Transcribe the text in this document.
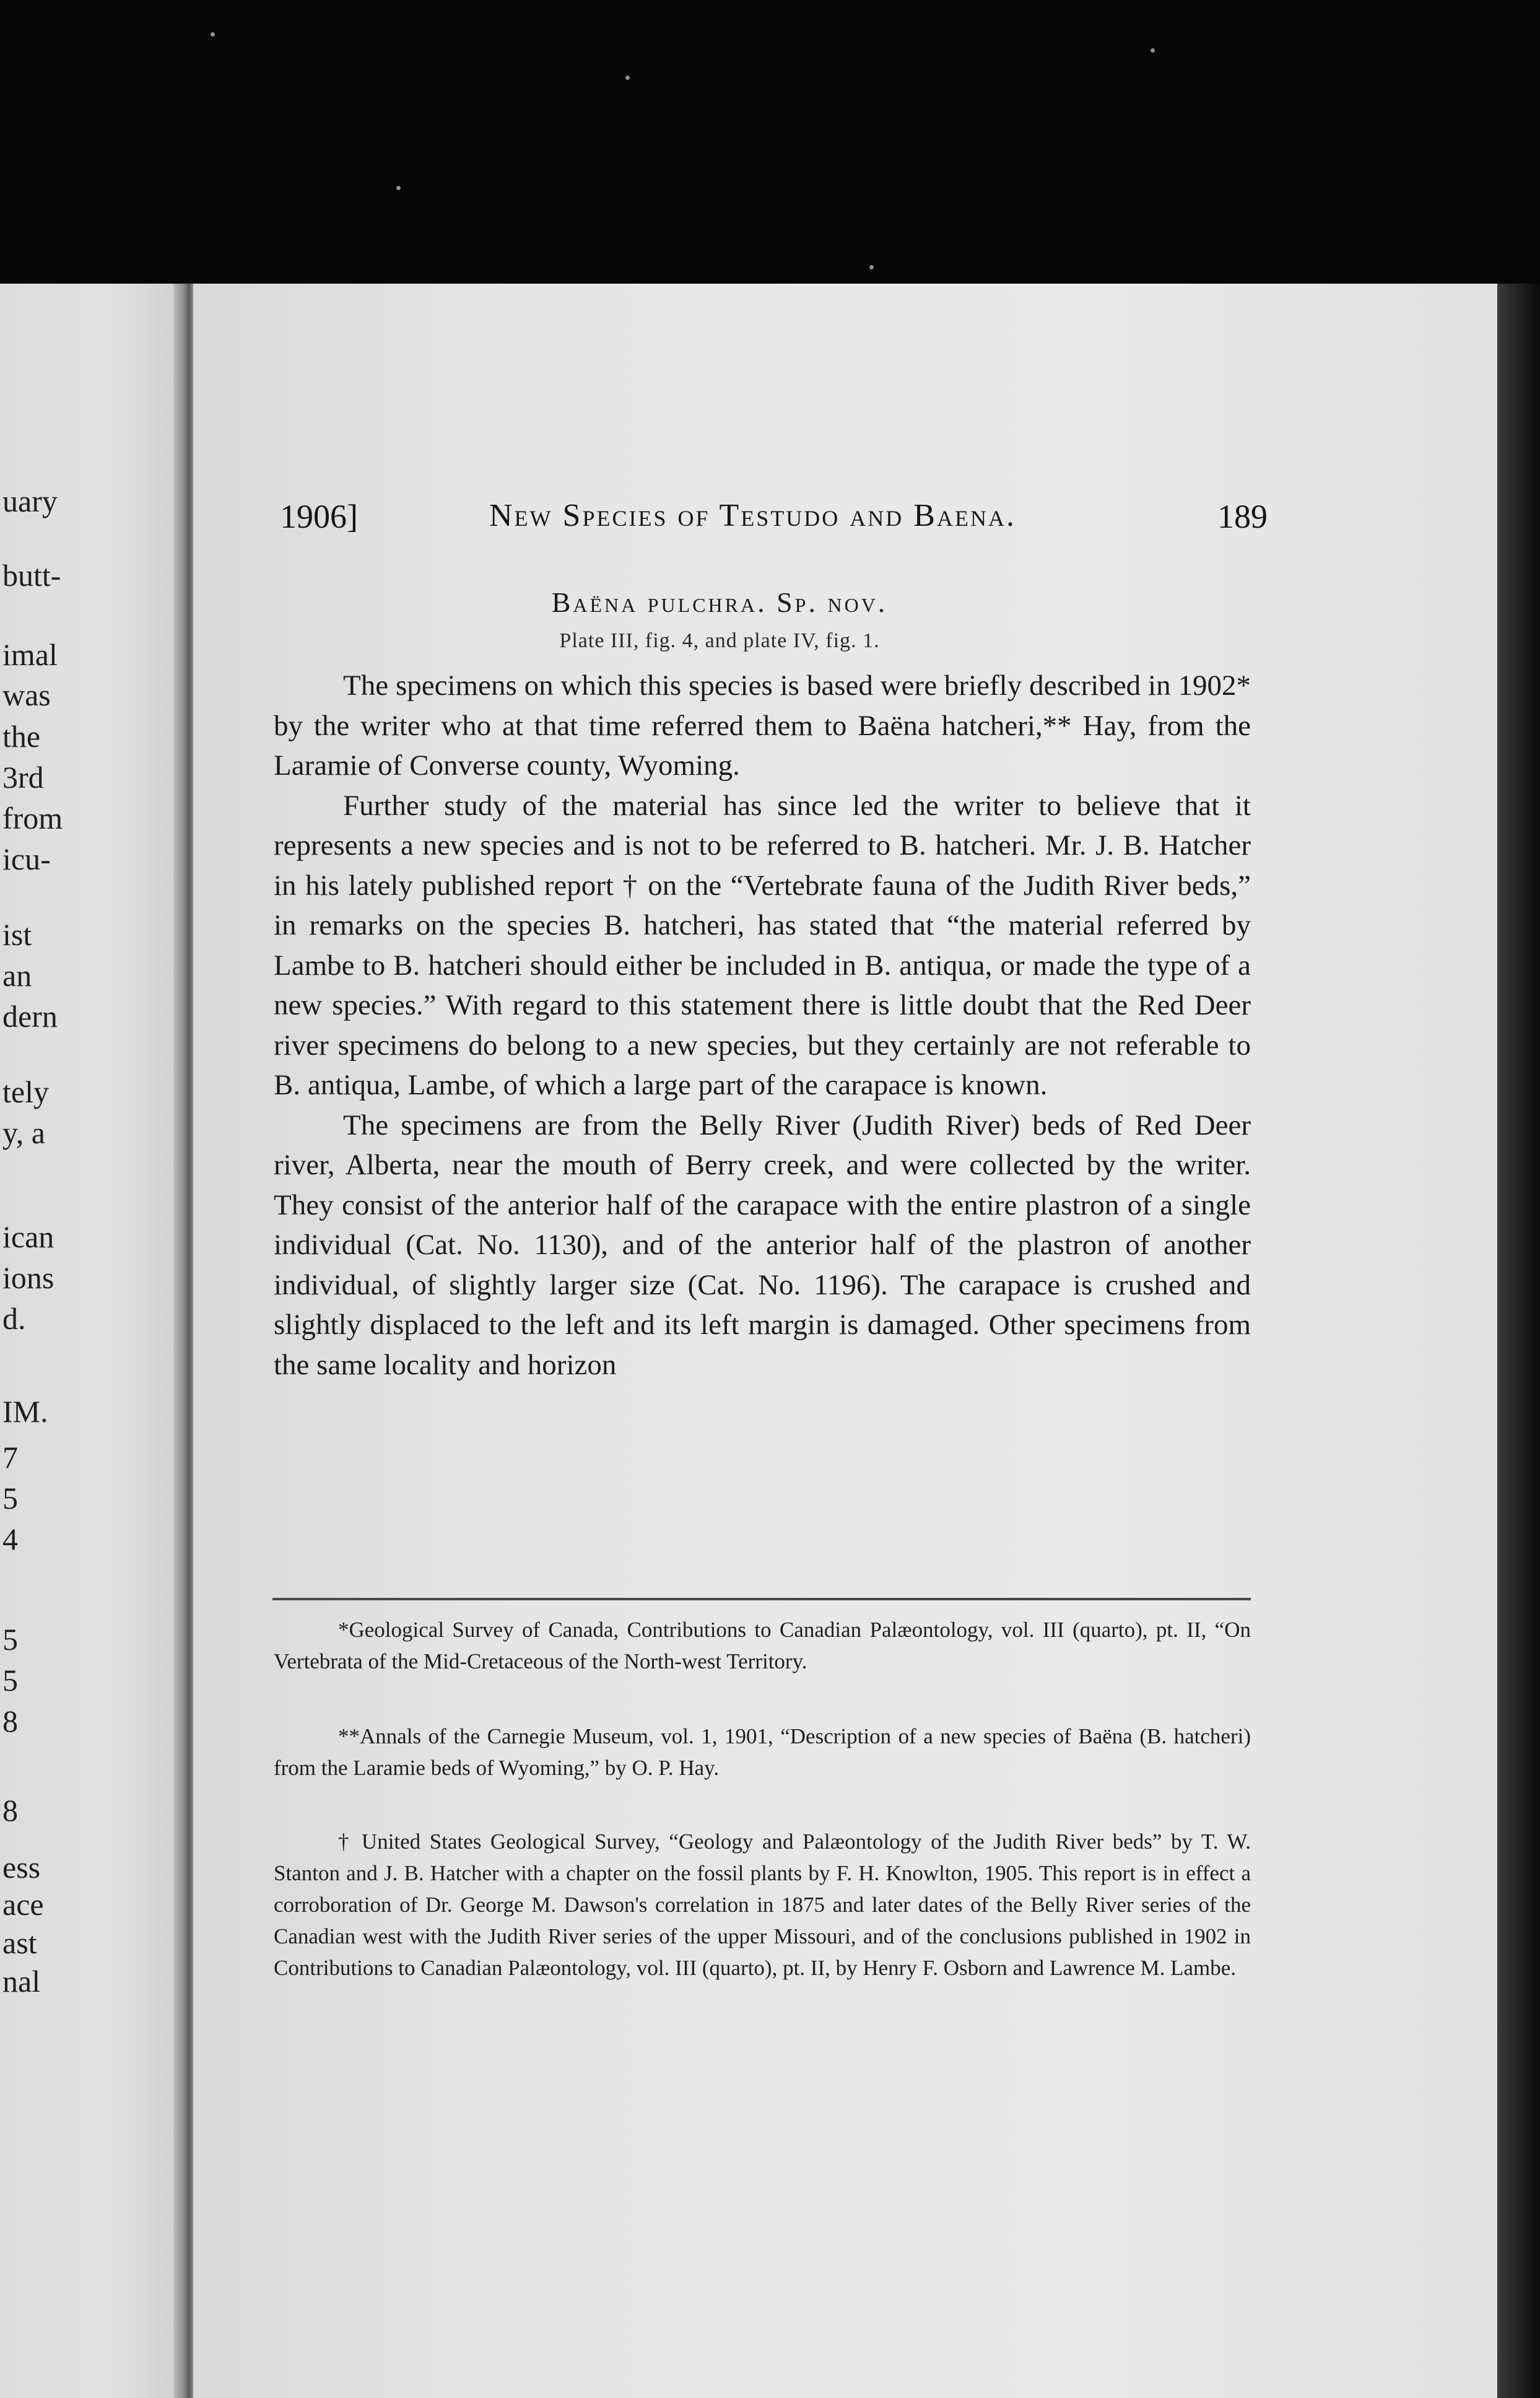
uary
butt-
imal
was
the
3rd
from
icu-
ist
an
dern
tely
y, a
ican
ions
d.
IM.
7
5
4
5
5
8
8
ess
ace
ast
nal
1906]	New Species of Testudo and Baena.	189
Baëna pulchra. Sp. nov.
Plate III, fig. 4, and plate IV, fig. 1.

The specimens on which this species is based were briefly described in 1902* by the writer who at that time referred them to Baëna hatcheri,** Hay, from the Laramie of Converse county, Wyoming.

Further study of the material has since led the writer to believe that it represents a new species and is not to be referred to B. hatcheri. Mr. J. B. Hatcher in his lately published report † on the “Vertebrate fauna of the Judith River beds,” in remarks on the species B. hatcheri, has stated that “the material referred by Lambe to B. hatcheri should either be included in B. antiqua, or made the type of a new species.” With regard to this statement there is little doubt that the Red Deer river specimens do belong to a new species, but they certainly are not referable to B. antiqua, Lambe, of which a large part of the carapace is known.

The specimens are from the Belly River (Judith River) beds of Red Deer river, Alberta, near the mouth of Berry creek, and were collected by the writer. They consist of the anterior half of the carapace with the entire plastron of a single individual (Cat. No. 1130), and of the anterior half of the plastron of another individual, of slightly larger size (Cat. No. 1196). The carapace is crushed and slightly displaced to the left and its left margin is damaged. Other specimens from the same locality and horizon

*Geological Survey of Canada, Contributions to Canadian Palæontology, vol. III (quarto), pt. II, “On Vertebrata of the Mid-Cretaceous of the North-west Territory.

**Annals of the Carnegie Museum, vol. 1, 1901, “Description of a new species of Baëna (B. hatcheri) from the Laramie beds of Wyoming,” by O. P. Hay.

† United States Geological Survey, “Geology and Palæontology of the Judith River beds” by T. W. Stanton and J. B. Hatcher with a chapter on the fossil plants by F. H. Knowlton, 1905. This report is in effect a corroboration of Dr. George M. Dawson's correlation in 1875 and later dates of the Belly River series of the Canadian west with the Judith River series of the upper Missouri, and of the conclusions published in 1902 in Contributions to Canadian Palæontology, vol. III (quarto), pt. II, by Henry F. Osborn and Lawrence M. Lambe.
